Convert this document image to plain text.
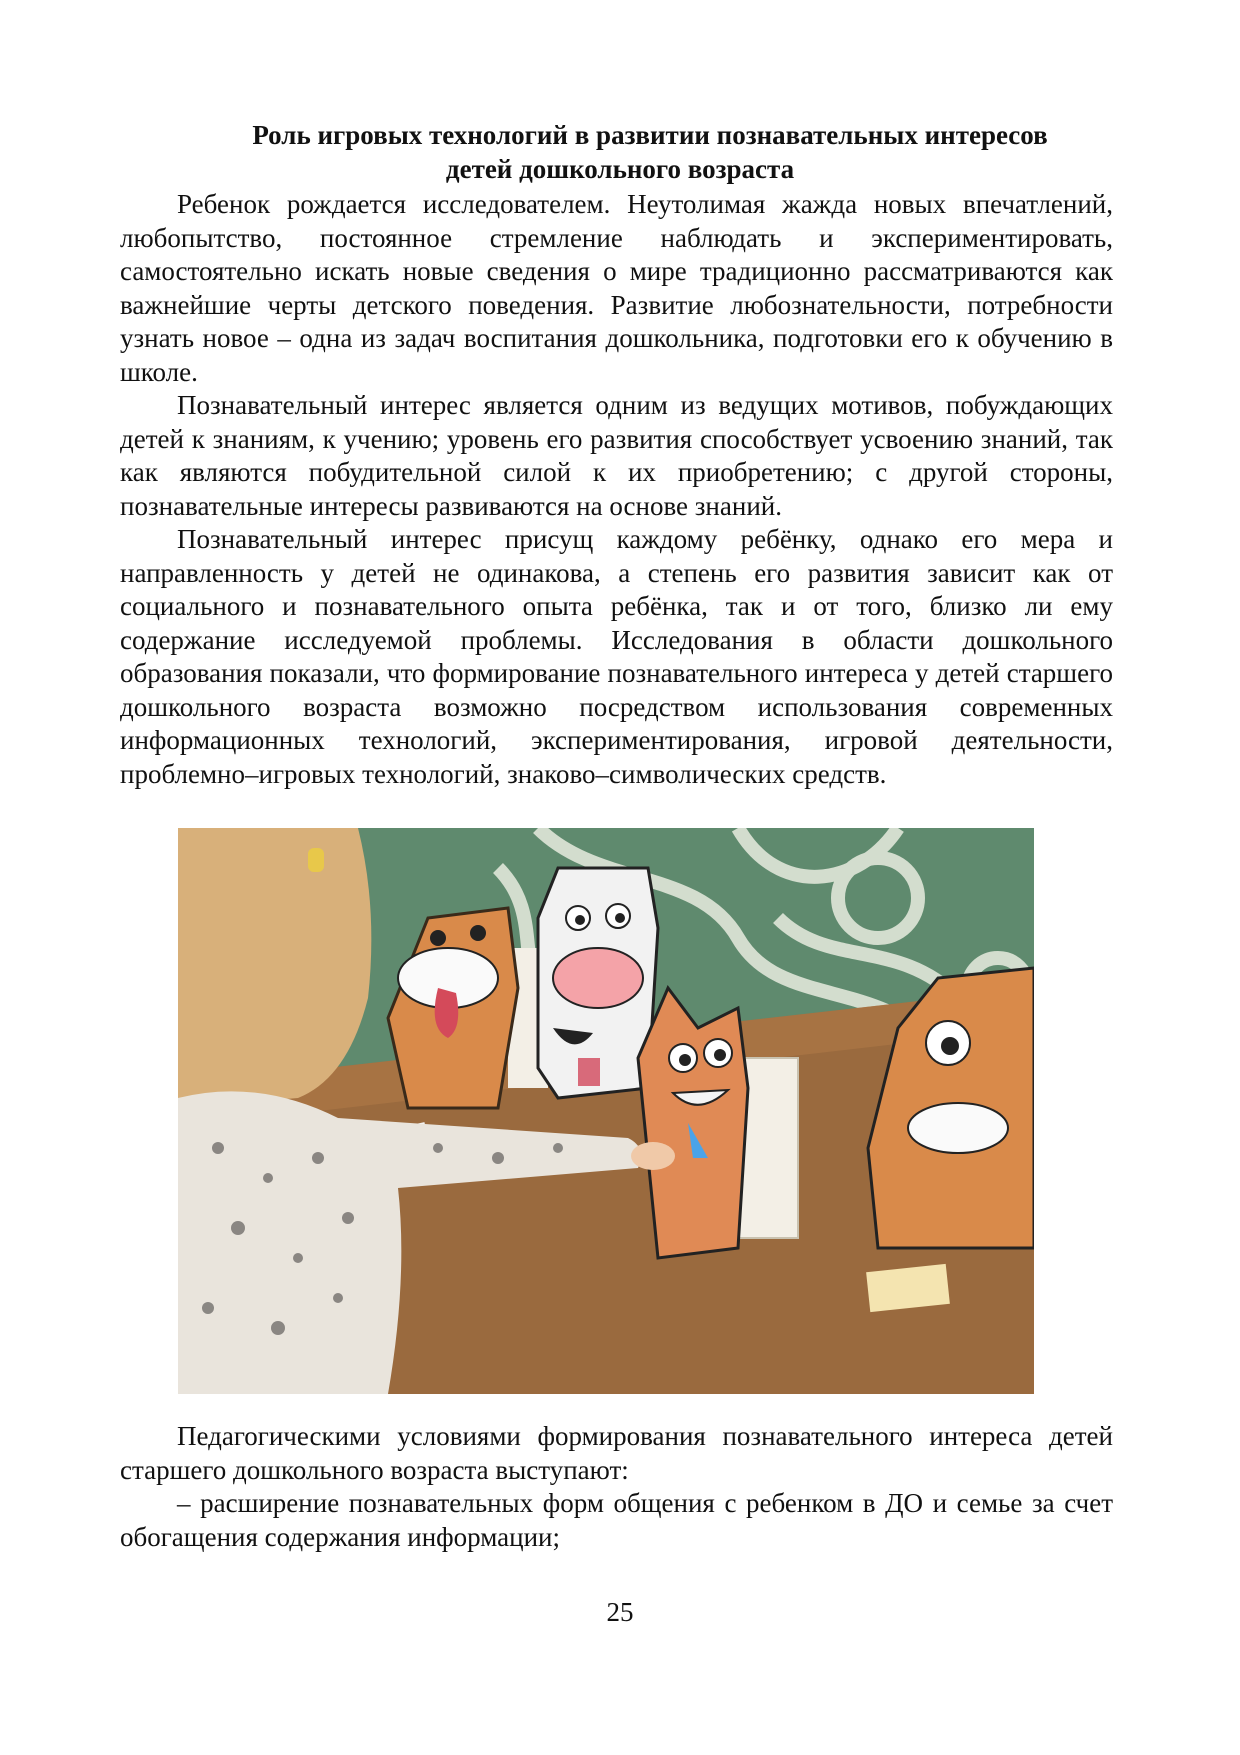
Роль игровых технологий в развитии познавательных интересов
детей дошкольного возраста

Ребенок рождается исследователем. Неутолимая жажда новых впечатлений, любопытство, постоянное стремление наблюдать и экспериментировать, самостоятельно искать новые сведения о мире традиционно рассматриваются как важнейшие черты детского поведения. Развитие любознательности, потребности узнать новое – одна из задач воспитания дошкольника, подготовки его к обучению в школе.

Познавательный интерес является одним из ведущих мотивов, побуждающих детей к знаниям, к учению; уровень его развития способствует усвоению знаний, так как являются побудительной силой к их приобретению; с другой стороны, познавательные интересы развиваются на основе знаний.

Познавательный интерес присущ каждому ребёнку, однако его мера и направленность у детей не одинакова, а степень его развития зависит как от социального и познавательного опыта ребёнка, так и от того, близко ли ему содержание исследуемой проблемы. Исследования в области дошкольного образования показали, что формирование познавательного интереса у детей старшего дошкольного возраста возможно посредством использования современных информационных технологий, экспериментирования, игровой деятельности, проблемно–игровых технологий, знаково–символических средств.

Педагогическими условиями формирования познавательного интереса детей старшего дошкольного возраста выступают:

– расширение познавательных форм общения с ребенком в ДО и семье за счет обогащения содержания информации;

25
